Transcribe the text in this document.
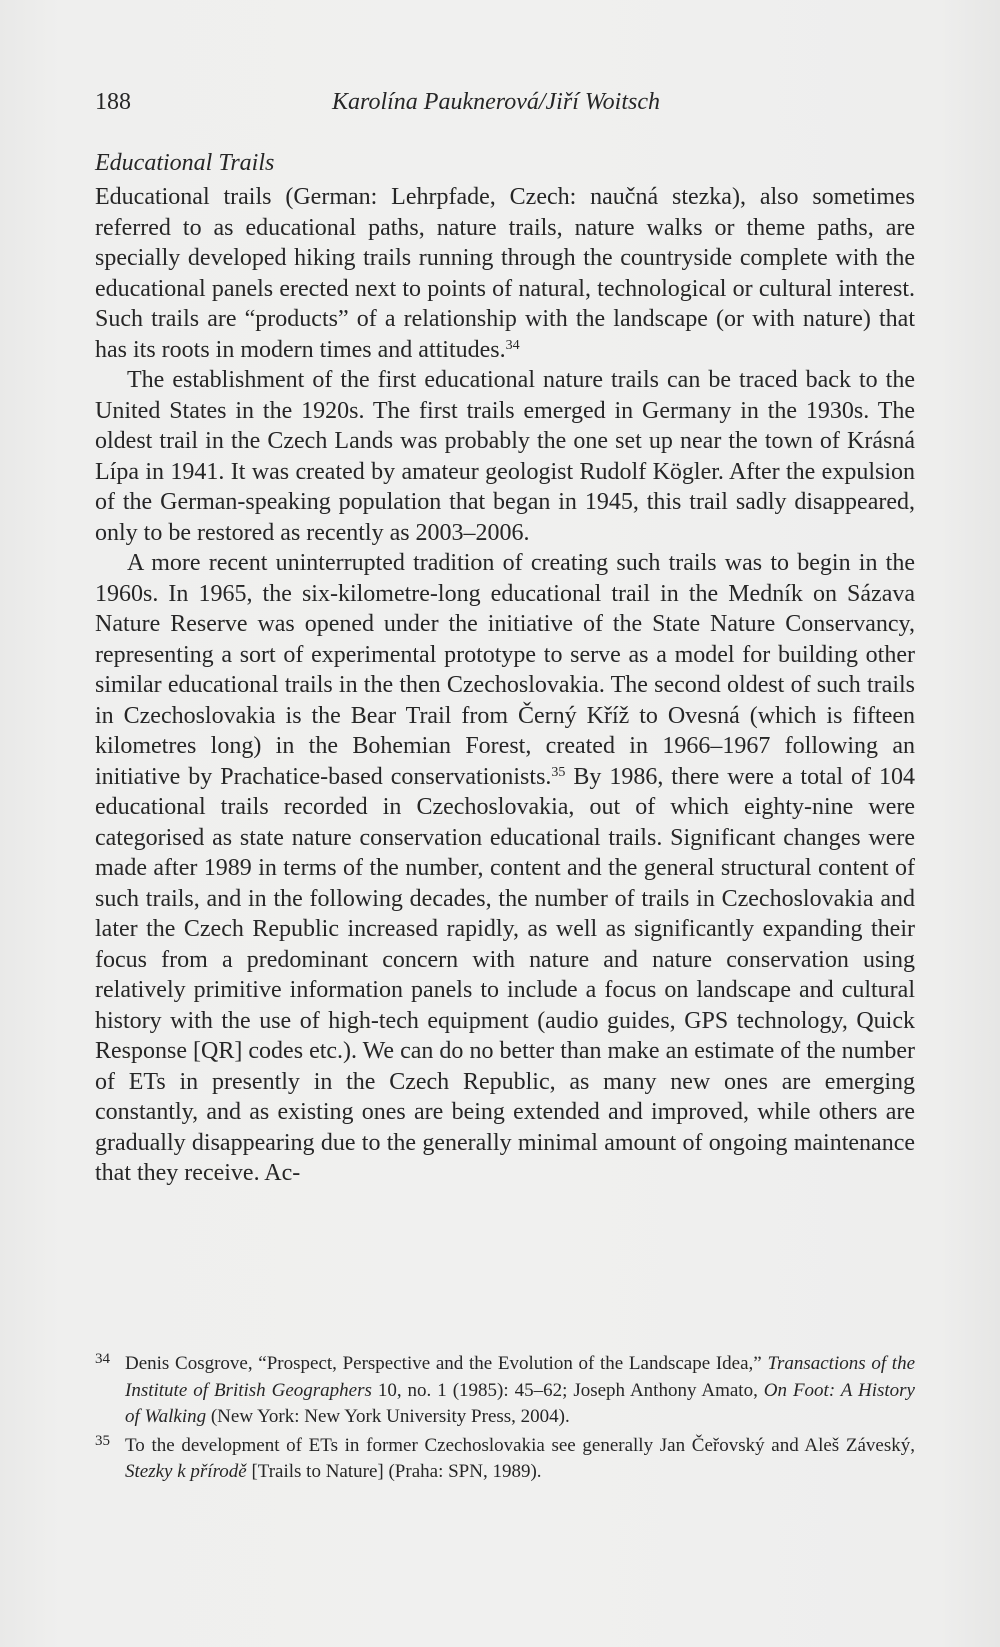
188	Karolína Pauknerová/Jiří Woitsch
Educational Trails

Educational trails (German: Lehrpfade, Czech: naučná stezka), also sometimes referred to as educational paths, nature trails, nature walks or theme paths, are specially developed hiking trails running through the countryside complete with the educational panels erected next to points of natural, technological or cultural interest. Such trails are “products” of a relationship with the landscape (or with nature) that has its roots in modern times and attitudes.$^{34}$

The establishment of the first educational nature trails can be traced back to the United States in the 1920s. The first trails emerged in Germany in the 1930s. The oldest trail in the Czech Lands was probably the one set up near the town of Krásná Lípa in 1941. It was created by amateur geologist Rudolf Kögler. After the expulsion of the German-speaking population that began in 1945, this trail sadly disappeared, only to be restored as recently as 2003–2006.

A more recent uninterrupted tradition of creating such trails was to begin in the 1960s. In 1965, the six-kilometre-long educational trail in the Medník on Sázava Nature Reserve was opened under the initiative of the State Nature Conservancy, representing a sort of experimental prototype to serve as a model for building other similar educational trails in the then Czechoslovakia. The second oldest of such trails in Czechoslovakia is the Bear Trail from Černý Kříž to Ovesná (which is fifteen kilometres long) in the Bohemian Forest, created in 1966–1967 following an initiative by Prachatice-based conservationists.$^{35}$ By 1986, there were a total of 104 educational trails recorded in Czechoslovakia, out of which eighty-nine were categorised as state nature conservation educational trails. Significant changes were made after 1989 in terms of the number, content and the general structural content of such trails, and in the following decades, the number of trails in Czechoslovakia and later the Czech Republic increased rapidly, as well as significantly expanding their focus from a predominant concern with nature and nature conservation using relatively primitive information panels to include a focus on landscape and cultural history with the use of high-tech equipment (audio guides, GPS technology, Quick Response [QR] codes etc.). We can do no better than make an estimate of the number of ETs in presently in the Czech Republic, as many new ones are emerging constantly, and as existing ones are being extended and improved, while others are gradually disappearing due to the generally minimal amount of ongoing maintenance that they receive. Ac-

34 Denis Cosgrove, “Prospect, Perspective and the Evolution of the Landscape Idea,” Transactions of the Institute of British Geographers 10, no. 1 (1985): 45–62; Joseph Anthony Amato, On Foot: A History of Walking (New York: New York University Press, 2004).

35 To the development of ETs in former Czechoslovakia see generally Jan Čeřovský and Aleš Záveský, Stezky k přírodě [Trails to Nature] (Praha: SPN, 1989).
